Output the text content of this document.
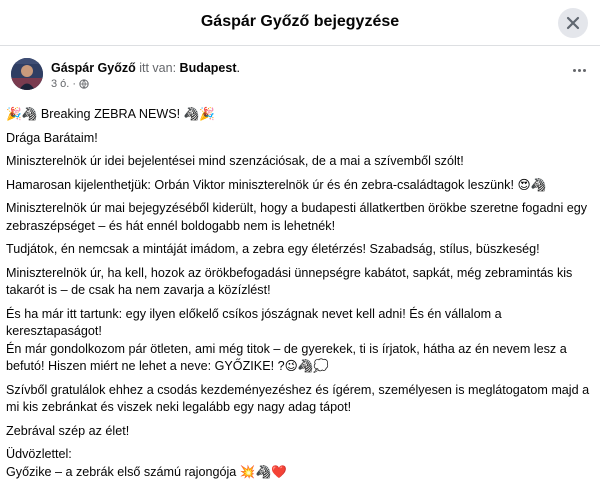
Gáspár Győző bejegyzése
Gáspár Győző itt van: Budapest.
3 ó. ·

🎉🦓 Breaking ZEBRA NEWS! 🦓🎉

Drága Barátaim!

Miniszterelnök úr idei bejelentései mind szenzációsak, de a mai a szívemből szólt!

Hamarosan kijelenthetjük: Orbán Viktor miniszterelnök úr és én zebra-családtagok leszünk! 😍🦓

Miniszterelnök úr mai bejegyzéséből kiderült, hogy a budapesti állatkertben örökbe szeretne fogadni egy zebraszépséget – és hát ennél boldogabb nem is lehetnék!

Tudjátok, én nemcsak a mintáját imádom, a zebra egy életérzés! Szabadság, stílus, büszkeség!

Miniszterelnök úr, ha kell, hozok az örökbefogadási ünnepségre kabátot, sapkát, még zebramintás kis takarót is – de csak ha nem zavarja a közízlést!

És ha már itt tartunk: egy ilyen előkelő csíkos jószágnak nevet kell adni! És én vállalom a keresztapaságot!

Én már gondolkozom pár ötleten, ami még titok – de gyerekek, ti is írjatok, hátha az én nevem lesz a befutó! Hiszen miért ne lehet a neve: GYŐZIKE! ?😉🦓💭

Szívből gratulálok ehhez a csodás kezdeményezéshez és ígérem, személyesen is meglátogatom majd a mi kis zebránkat és viszek neki legalább egy nagy adag tápot!

Zebrával szép az élet!

Üdvözlettel:

Győzike – a zebrák első számú rajongója 💥🦓❤️
